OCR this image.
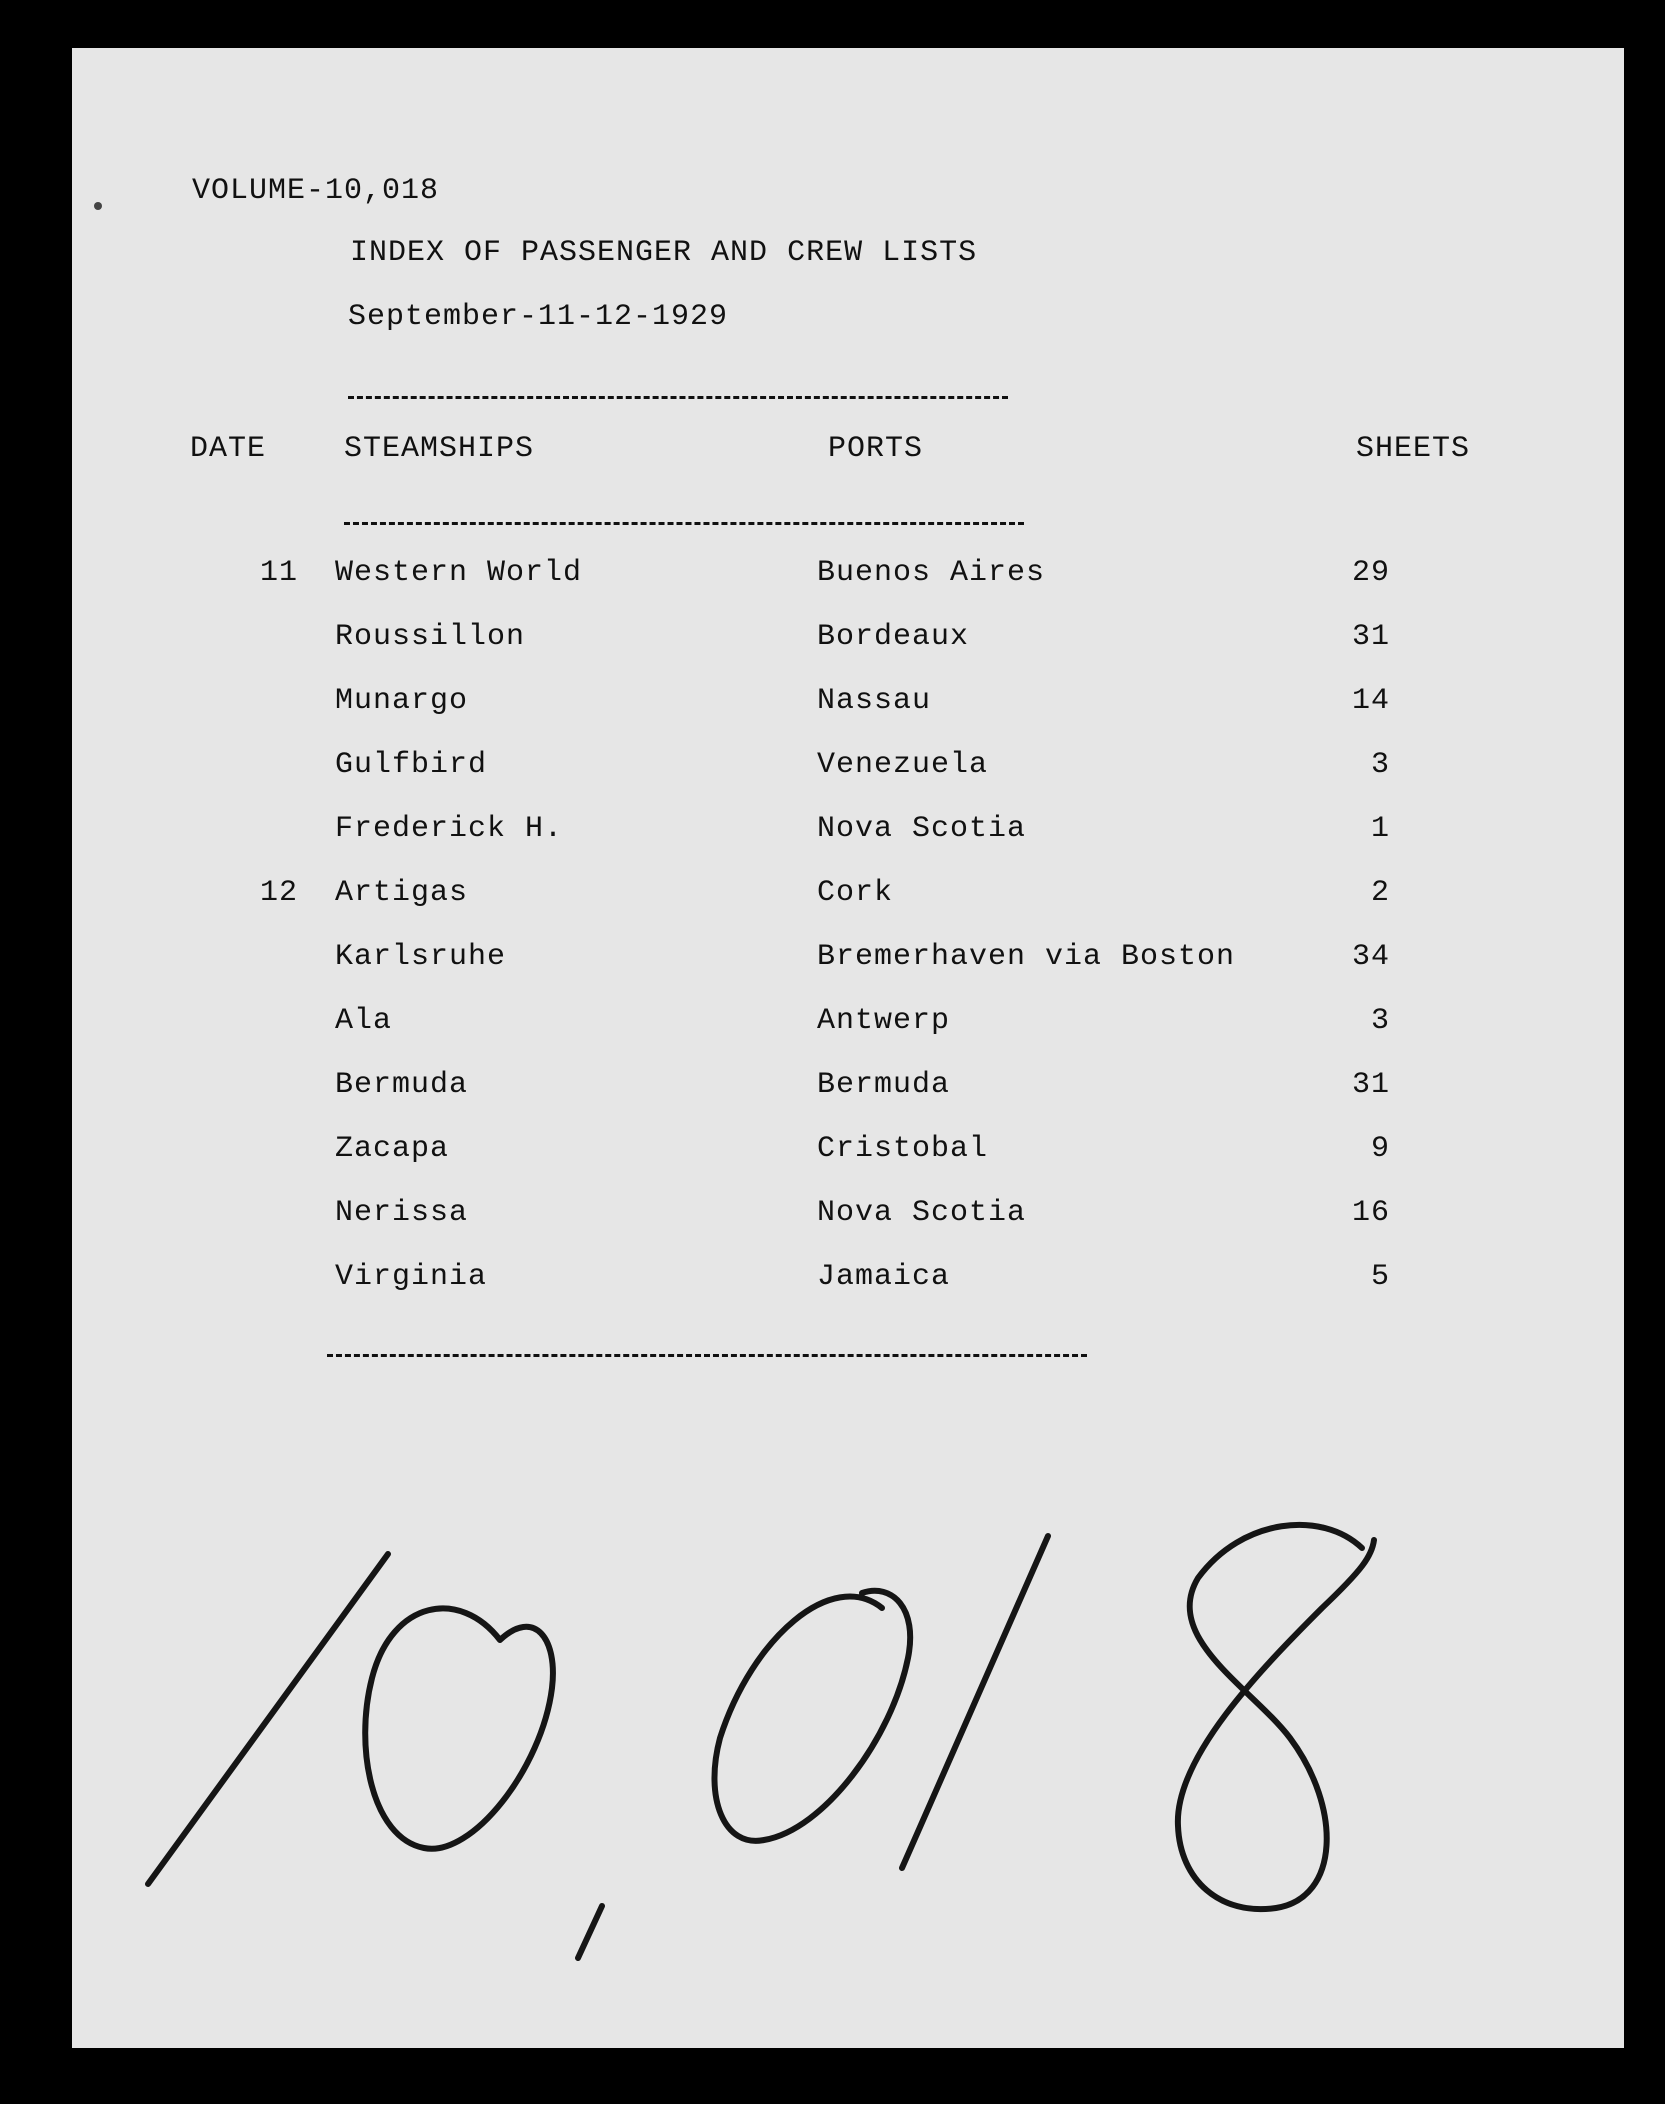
VOLUME-10,018
INDEX OF PASSENGER AND CREW LISTS
September-11-12-1929
DATE	STEAMSHIPS	PORTS	SHEETS
11 Western World	Buenos Aires	29
Roussillon	Bordeaux	31
Munargo	Nassau	14
Gulfbird	Venezuela	3
Frederick H.	Nova Scotia	1
12 Artigas	Cork	2
Karlsruhe	Bremerhaven via Boston	34
Ala	Antwerp	3
Bermuda	Bermuda	31
Zacapa	Cristobal	9
Nerissa	Nova Scotia	16
Virginia	Jamaica	5
